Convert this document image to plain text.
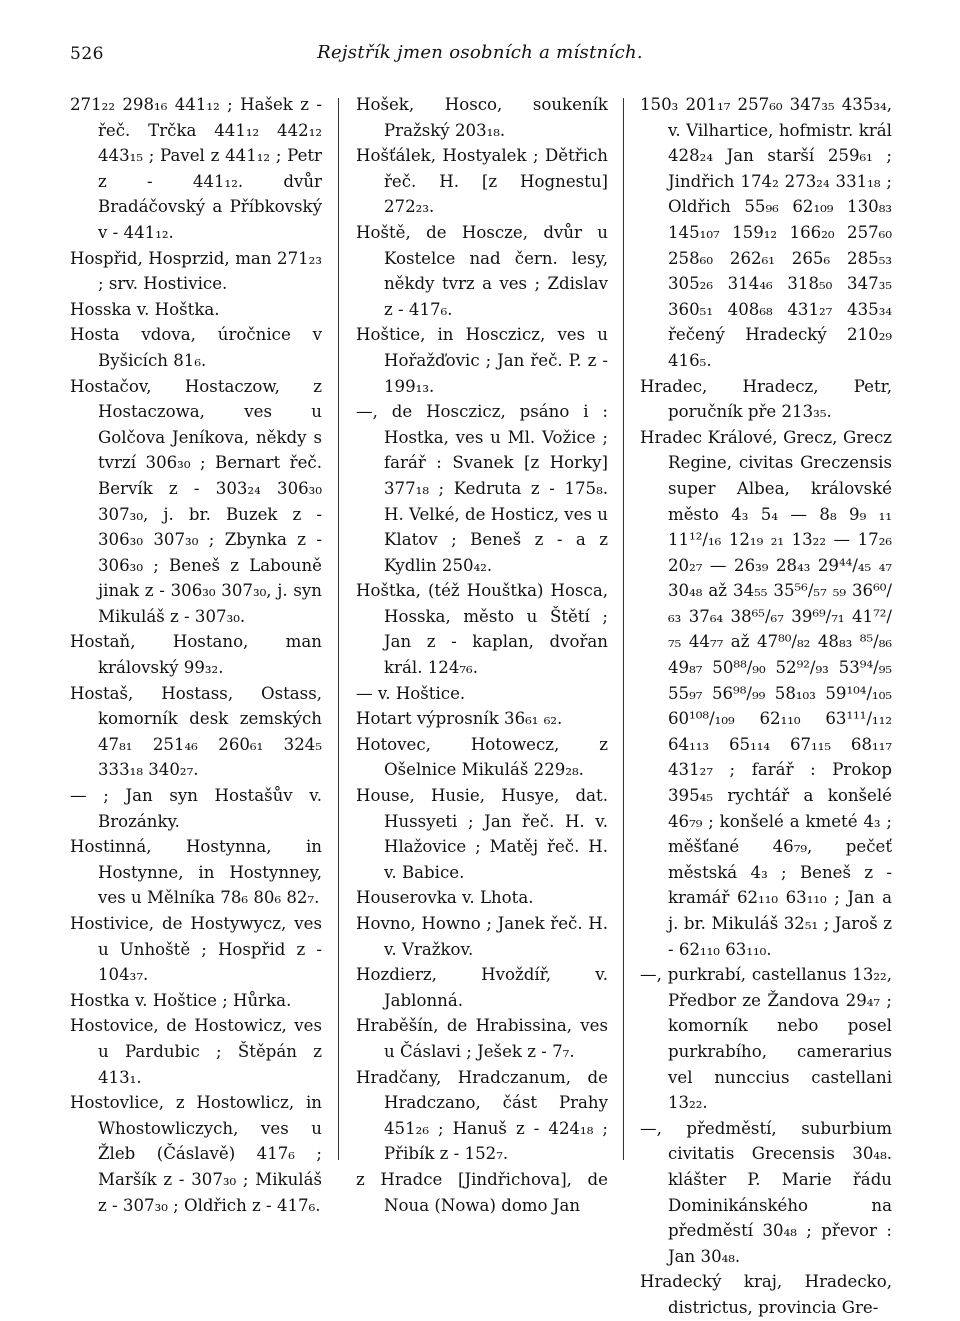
526	Rejstřík jmen osobních a místních.

271₂₂ 298₁₆ 441₁₂ ; Hašek z - řeč. Trčka 441₁₂ 442₁₂ 443₁₅ ; Pavel z 441₁₂ ; Petr z - 441₁₂. dvůr Bradáčovský a Příbkovský v - 441₁₂.

Hospřid, Hosprzid, man 271₂₃ ; srv. Hostivice.

Hosska v. Hoštka.

Hosta vdova, úročnice v Byšicích 81₆.

Hostačov, Hostaczow, z Hostaczowa, ves u Golčova Jeníkova, někdy s tvrzí 306₃₀ ; Bernart řeč. Bervík z - 303₂₄ 306₃₀ 307₃₀, j. br. Buzek z - 306₃₀ 307₃₀ ; Zbynka z - 306₃₀ ; Beneš z Labouně jinak z - 306₃₀ 307₃₀, j. syn Mikuláš z - 307₃₀.

Hostaň, Hostano, man královský 99₃₂.

Hostaš, Hostass, Ostass, komorník desk zemských 47₈₁ 251₄₆ 260₆₁ 324₅ 333₁₈ 340₂₇.

— ; Jan syn Hostašův v. Brozánky.

Hostinná, Hostynna, in Hostynne, in Hostynney, ves u Mělníka 78₆ 80₆ 82₇.

Hostivice, de Hostywycz, ves u Unhoště ; Hospřid z - 104₃₇.

Hostka v. Hoštice ; Hůrka.

Hostovice, de Hostowicz, ves u Pardubic ; Štěpán z 413₁.

Hostovlice, z Hostowlicz, in Whostowliczych, ves u Žleb (Čáslavě) 417₆ ; Maršík z - 307₃₀ ; Mikuláš z - 307₃₀ ; Oldřich z - 417₆.

Hošek, Hosco, soukeník Pražský 203₁₈.

Hošťálek, Hostyalek ; Dětřich řeč. H. [z Hognestu] 272₂₃.

Hoště, de Hoscze, dvůr u Kostelce nad čern. lesy, někdy tvrz a ves ; Zdislav z - 417₆.

Hoštice, in Hosczicz, ves u Hořažďovic ; Jan řeč. P. z - 199₁₃.

—, de Hosczicz, psáno i : Hostka, ves u Ml. Vožice ; farář : Svanek [z Horky] 377₁₈ ; Kedruta z - 175₈. H. Velké, de Hosticz, ves u Klatov ; Beneš z - a z Kydlin 250₄₂.

Hoštka, (též Houštka) Hosca, Hosska, město u Štětí ; Jan z - kaplan, dvořan král. 124₇₆.

— v. Hoštice.

Hotart výprosník 36₆₁ ₆₂.

Hotovec, Hotowecz, z Ošelnice Mikuláš 229₂₈.

House, Husie, Husye, dat. Hussyeti ; Jan řeč. H. v. Hlažovice ; Matěj řeč. H. v. Babice.

Houserovka v. Lhota.

Hovno, Howno ; Janek řeč. H. v. Vražkov.

Hozdierz, Hvoždíř, v. Jablonná.

Hraběšín, de Hrabissina, ves u Čáslavi ; Ješek z - 7₇.

Hradčany, Hradczanum, de Hradczano, část Prahy 451₂₆ ; Hanuš z - 424₁₈ ; Přibík z - 152₇.

z Hradce [Jindřichova], de Noua (Nowa) domo Jan

150₃ 201₁₇ 257₆₀ 347₃₅ 435₃₄, v. Vilhartice, hofmistr. král 428₂₄ Jan starší 259₆₁ ; Jindřich 174₂ 273₂₄ 331₁₈ ; Oldřich 55₉₆ 62₁₀₉ 130₈₃ 145₁₀₇ 159₁₂ 166₂₀ 257₆₀ 258₆₀ 262₆₁ 265₆ 285₅₃ 305₂₆ 314₄₆ 318₅₀ 347₃₅ 360₅₁ 408₆₈ 431₂₇ 435₃₄ řečený Hradecký 210₂₉ 416₅.

Hradec, Hradecz, Petr, poručník pře 213₃₅.

Hradec Králové, Grecz, Grecz Regine, civitas Greczensis super Albea, královské město 4₃ 5₄ — 8₈ 9₉ ₁₁ 11¹²/₁₆ 12₁₉ ₂₁ 13₂₂ — 17₂₆ 20₂₇ — 26₃₉ 28₄₃ 29⁴⁴/₄₅ ₄₇ 30₄₈ až 34₅₅ 35⁵⁶/₅₇ ₅₉ 36⁶⁰/₆₃ 37₆₄ 38⁶⁵/₆₇ 39⁶⁹/₇₁ 41⁷²/₇₅ 44₇₇ až 47⁸⁰/₈₂ 48₈₃ ⁸⁵/₈₆ 49₈₇ 50⁸⁸/₉₀ 52⁹²/₉₃ 53⁹⁴/₉₅ 55₉₇ 56⁹⁸/₉₉ 58₁₀₃ 59¹⁰⁴/₁₀₅ 60¹⁰⁸/₁₀₉ 62₁₁₀ 63¹¹¹/₁₁₂ 64₁₁₃ 65₁₁₄ 67₁₁₅ 68₁₁₇ 431₂₇ ; farář : Prokop 395₄₅ rychtář a konšelé 46₇₉ ; konšelé a kmeté 4₃ ; měšťané 46₇₉, pečeť městská 4₃ ; Beneš z - kramář 62₁₁₀ 63₁₁₀ ; Jan a j. br. Mikuláš 32₅₁ ; Jaroš z - 62₁₁₀ 63₁₁₀.

—, purkrabí, castellanus 13₂₂, Předbor ze Žandova 29₄₇ ; komorník nebo posel purkrabího, camerarius vel nunccius castellani 13₂₂.

—, předměstí, suburbium civitatis Grecensis 30₄₈. klášter P. Marie řádu Dominikánského na předměstí 30₄₈ ; převor : Jan 30₄₈.

Hradecký kraj, Hradecko, districtus, provincia Gre-
